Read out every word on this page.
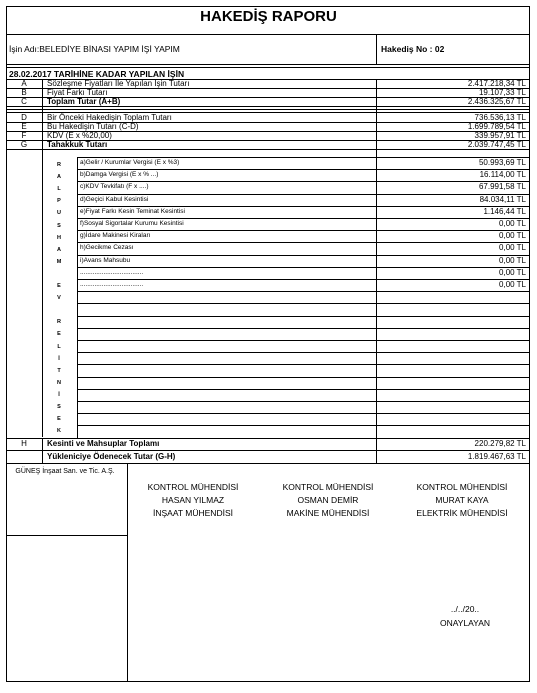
HAKEDİŞ RAPORU
İşin Adı:BELEDİYE BİNASI YAPIM İŞİ YAPIM	Hakediş No : 02
28.02.2017 TARİHİNE KADAR YAPILAN İŞİN
A	Sözleşme Fiyatları İle Yapılan İşin Tutarı	2.417.218,34 TL
B	Fiyat Farkı Tutarı	19.107,33 TL
C	Toplam Tutar (A+B)	2.436.325,67 TL
D	Bir Önceki Hakedişin Toplam Tutarı	736.536,13 TL
E	Bu Hakedişin Tutarı (C-D)	1.699.789,54 TL
F	KDV (E x %20,00)	339.957,91 TL
G	Tahakkuk Tutarı	2.039.747,45 TL
a)Gelir / Kurumlar Vergisi (E x %3)	50.993,69 TL
b)Damga Vergisi (E x % ...)	16.114,00 TL
c)KDV Tevkifatı (F x ....)	67.991,58 TL
d)Geçici Kabul Kesintisi	84.034,11 TL
e)Fiyat Farkı Kesin Teminat Kesintisi	1.146,44 TL
f)Sosyal Sigortalar Kurumu Kesintisi	0,00 TL
g)İdare Makinesi Kiraları	0,00 TL
h)Gecikme Cezası	0,00 TL
i)Avans Mahsubu	0,00 TL
...................................	0,00 TL
...................................	0,00 TL
R
A
L
P
U
S
H
A
M
E
V
R
E
L
İ
T
N
İ
S
E
K
H	Kesinti ve Mahsuplar Toplamı	220.279,82 TL
Yükleniciye Ödenecek Tutar (G-H)	1.819.467,63 TL
GÜNEŞ İnşaat San. ve Tic. A.Ş.
KONTROL MÜHENDİSİ
HASAN YILMAZ
İNŞAAT MÜHENDİSİ
KONTROL MÜHENDİSİ
OSMAN DEMİR
MAKİNE MÜHENDİSİ
KONTROL MÜHENDİSİ
MURAT KAYA
ELEKTRİK MÜHENDİSİ
../../20..
ONAYLAYAN
